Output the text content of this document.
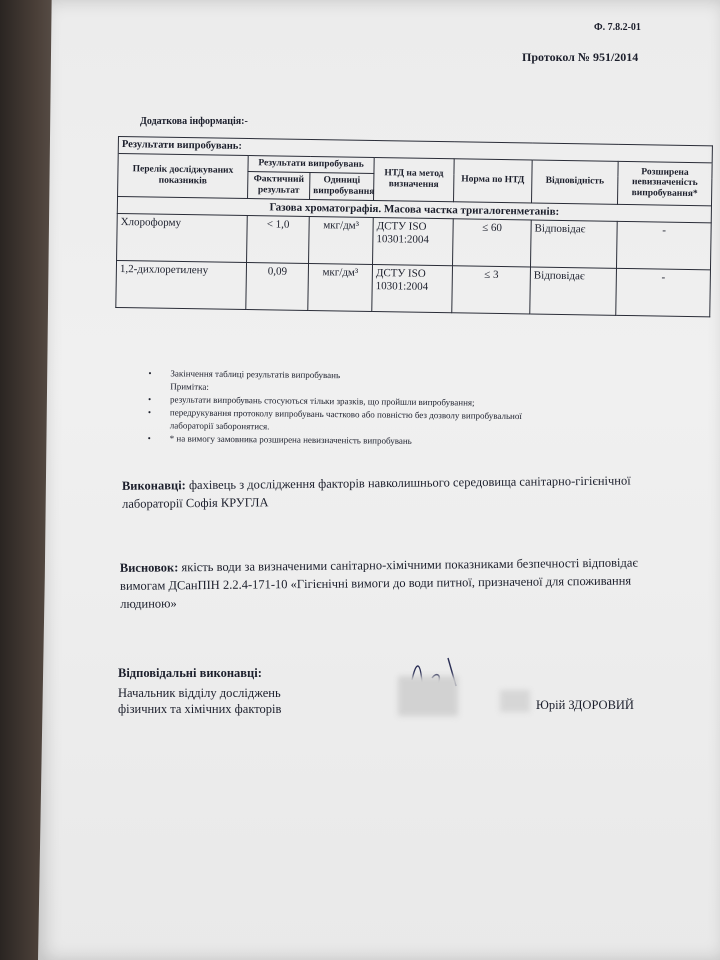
Ф. 7.8.2-01
Протокол № 951/2014
Додаткова інформація:-
Результати випробувань:						
Перелік досліджуваних показників	Результати випробувань		НТД на метод визначення	Норма по НТД	Відповідність	Розширена невизначеність випробування*
	Фактичний результат	Одиниці випробування				
Газова хроматографія. Масова частка тригалогенметанів:						
Хлороформу	< 1,0	мкг/дм³	ДСТУ ISO 10301:2004	≤ 60	Відповідає	-
1,2-дихлоретилену	0,09	мкг/дм³	ДСТУ ISO 10301:2004	≤ 3	Відповідає	-
• Закінчення таблиці результатів випробувань
Примітка:
• результати випробувань стосуються тільки зразків, що пройшли випробування;
• передрукування протоколу випробувань частково або повністю без дозволу випробувальної
лабораторії заборонятися.
• * на вимогу замовника розширена невизначеність випробувань
Виконавці: фахівець з дослідження факторів навколишнього середовища санітарно-гігієнічної лабораторії Софія КРУГЛА
Висновок: якість води за визначеними санітарно-хімічними показниками безпечності відповідає вимогам ДСанПІН 2.2.4-171-10 «Гігієнічні вимоги до води питної, призначеної для споживання людиною»
Відповідальні виконавці:
Начальник відділу досліджень
фізичних та хімічних факторів	Юрій ЗДОРОВИЙ
